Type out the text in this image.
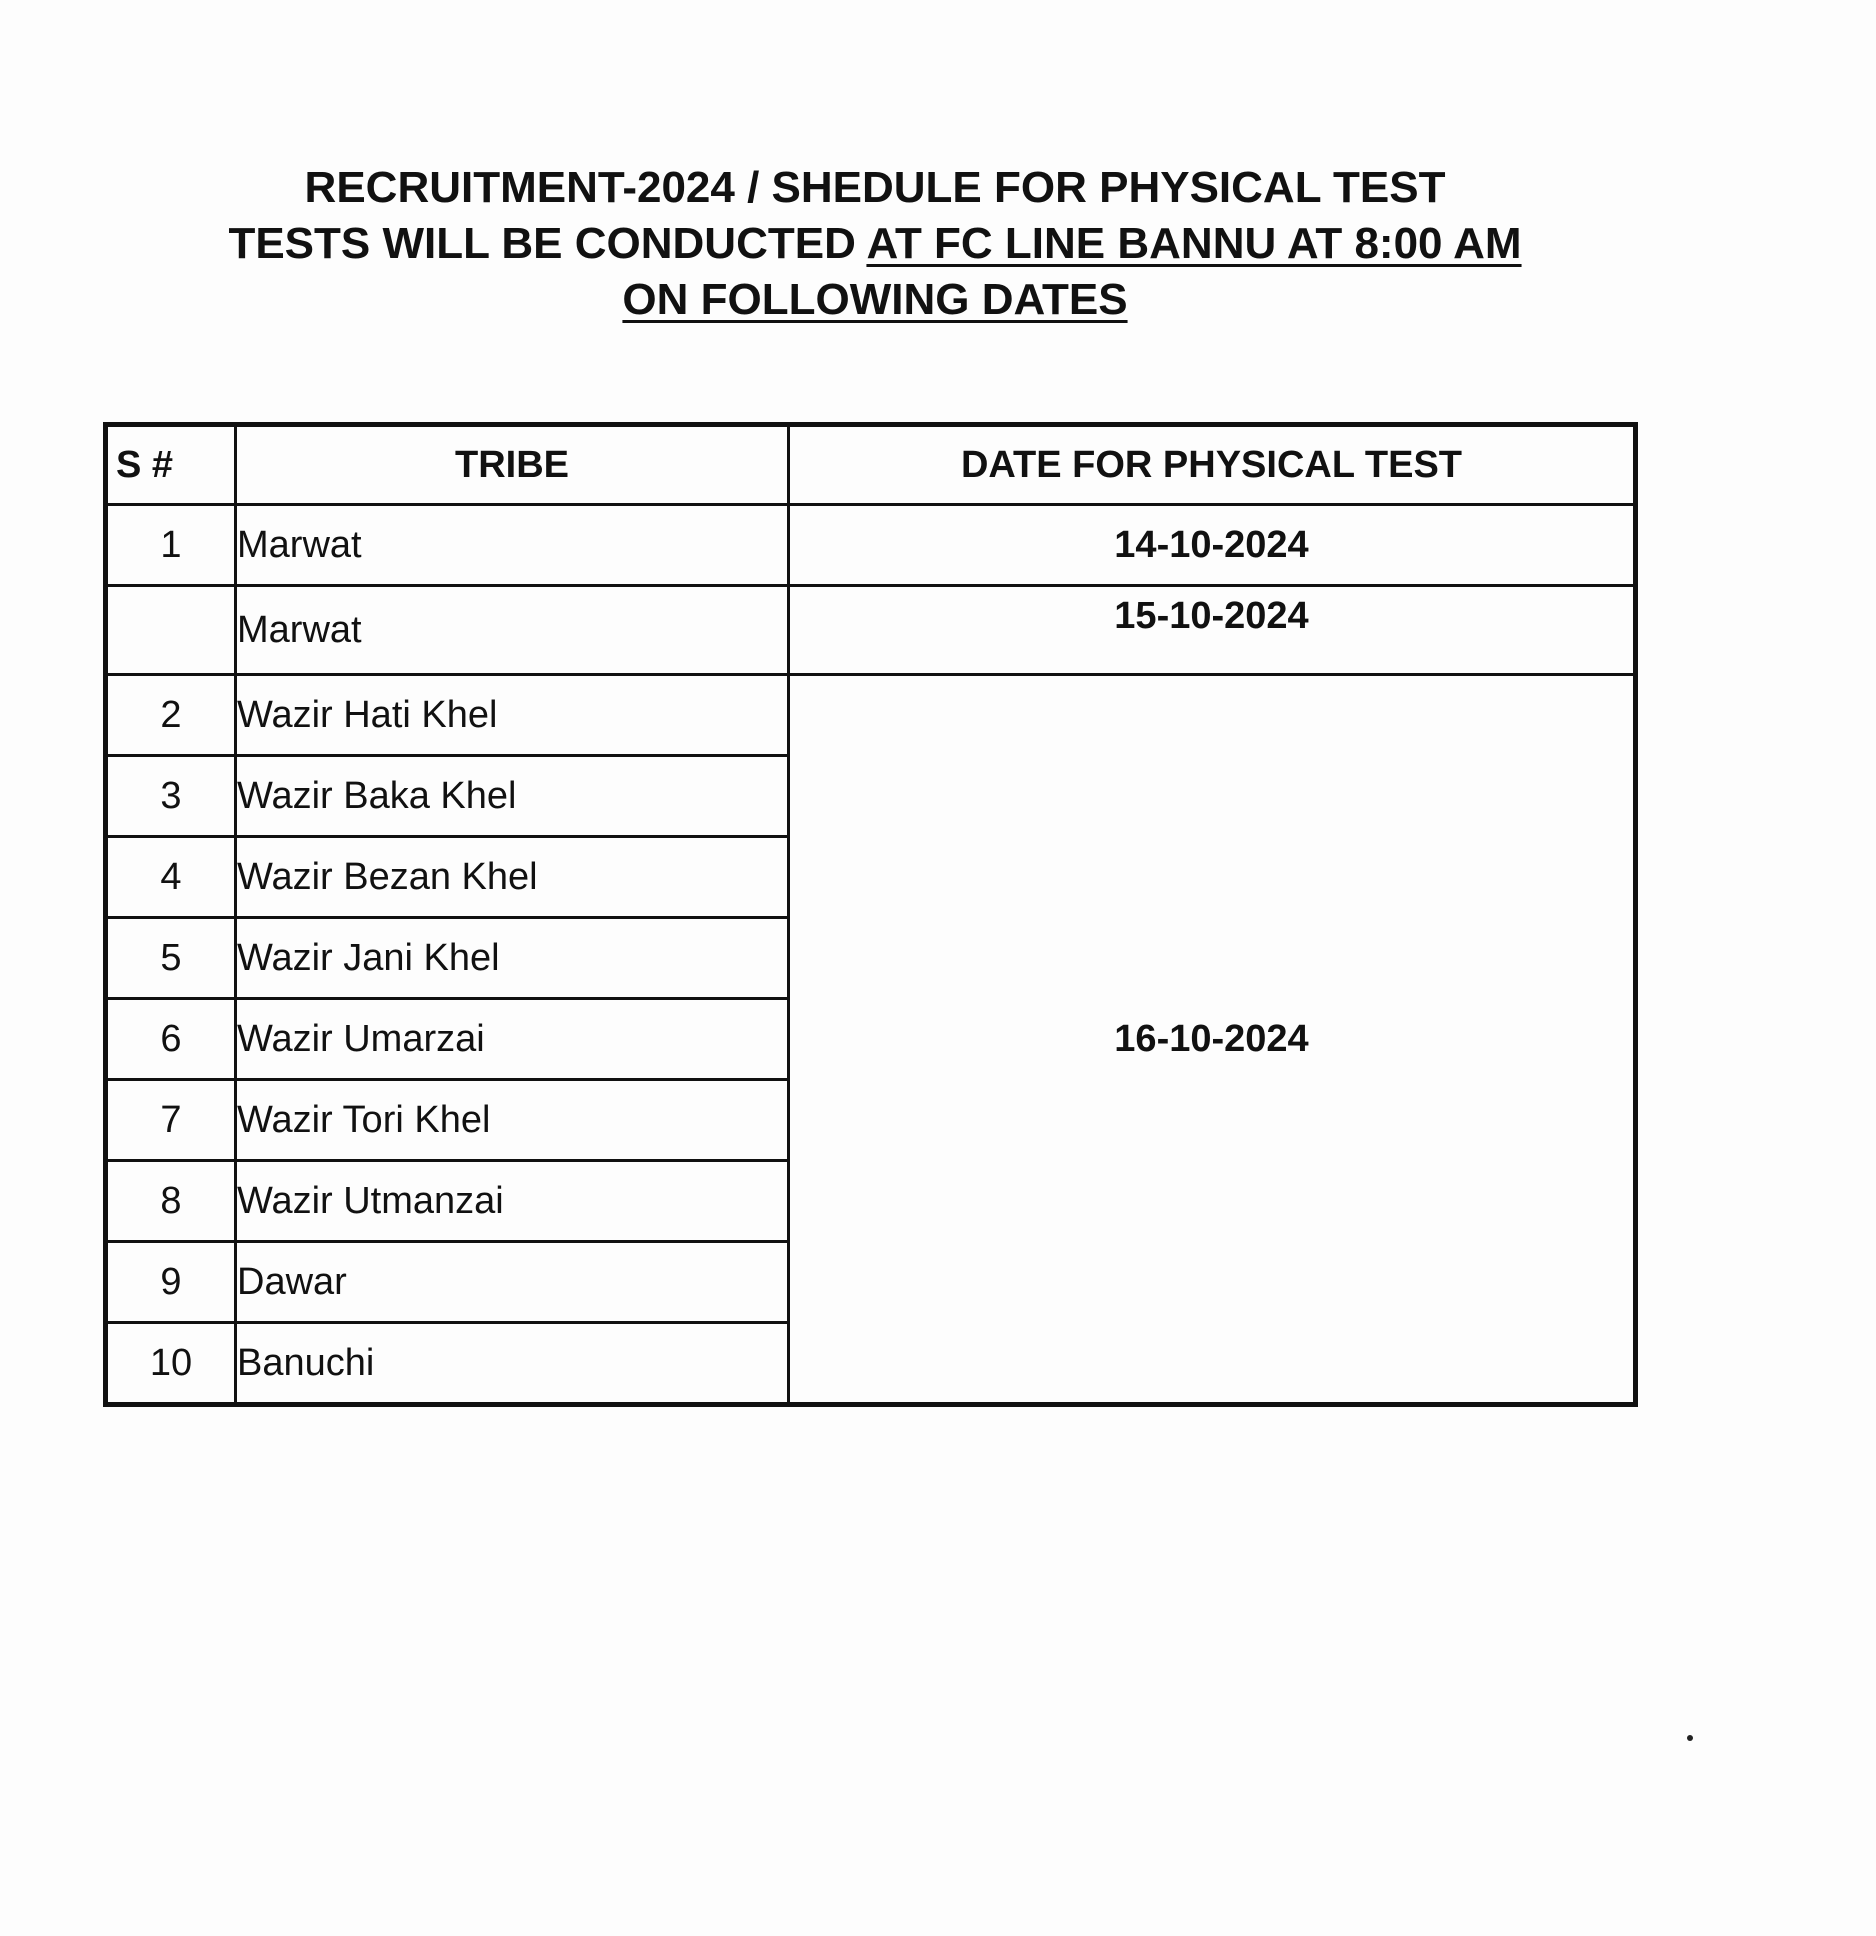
RECRUITMENT-2024 / SHEDULE FOR PHYSICAL TEST
TESTS WILL BE CONDUCTED AT FC LINE BANNU AT 8:00 AM
ON FOLLOWING DATES
S #	TRIBE	DATE FOR PHYSICAL TEST
1	Marwat	14-10-2024
	Marwat	15-10-2024
2	Wazir Hati Khel	16-10-2024
3	Wazir Baka Khel	
4	Wazir Bezan Khel	
5	Wazir Jani Khel	
6	Wazir Umarzai	
7	Wazir Tori Khel	
8	Wazir Utmanzai	
9	Dawar	
10	Banuchi	
